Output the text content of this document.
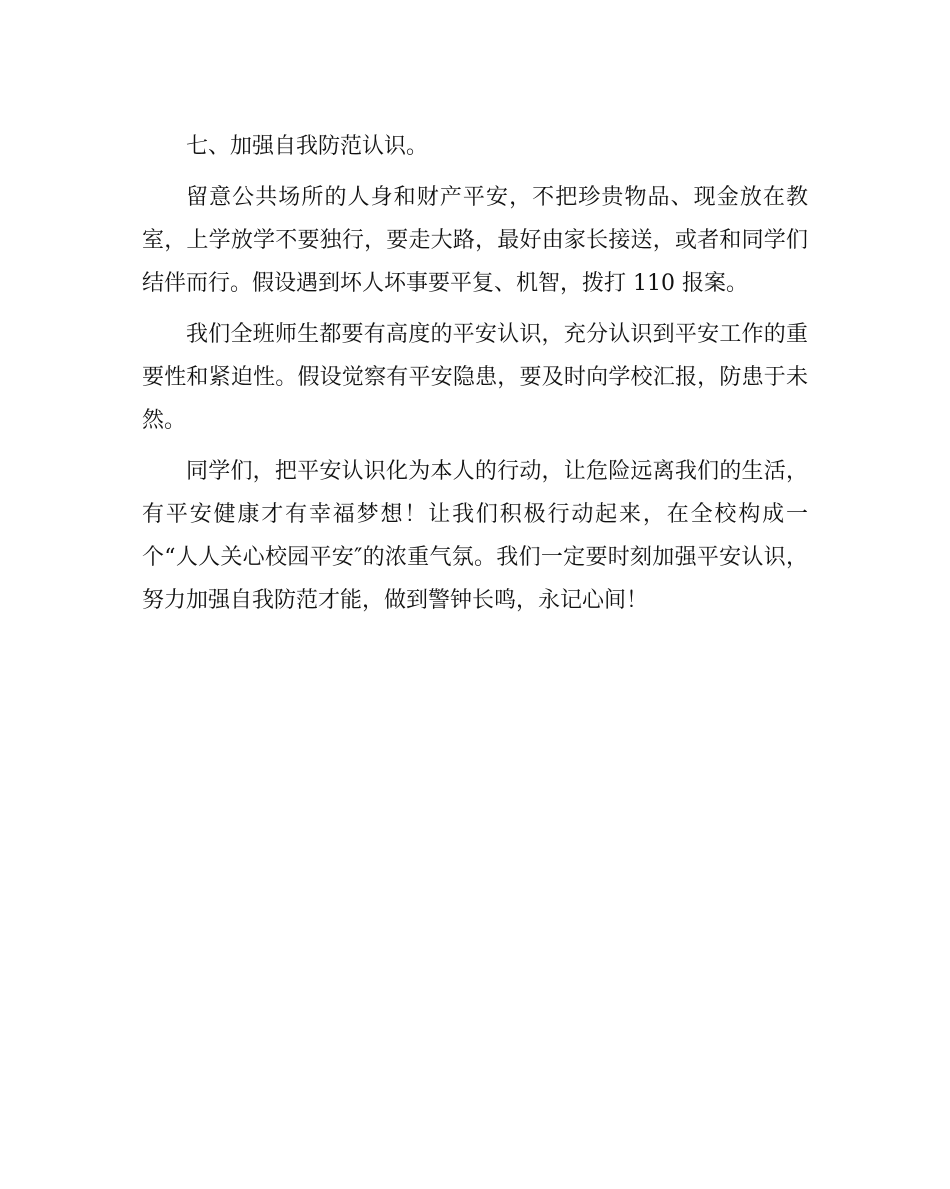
七、加强自我防范认识。

留意公共场所的人身和财产平安，不把珍贵物品、现金放在教室，上学放学不要独行，要走大路，最好由家长接送，或者和同学们结伴而行。假设遇到坏人坏事要平复、机智，拨打 110 报案。

我们全班师生都要有高度的平安认识，充分认识到平安工作的重要性和紧迫性。假设觉察有平安隐患，要及时向学校汇报，防患于未然。

同学们，把平安认识化为本人的行动，让危险远离我们的生活，有平安健康才有幸福梦想！让我们积极行动起来，在全校构成一个“人人关心校园平安″的浓重气氛。我们一定要时刻加强平安认识，努力加强自我防范才能，做到警钟长鸣，永记心间！
